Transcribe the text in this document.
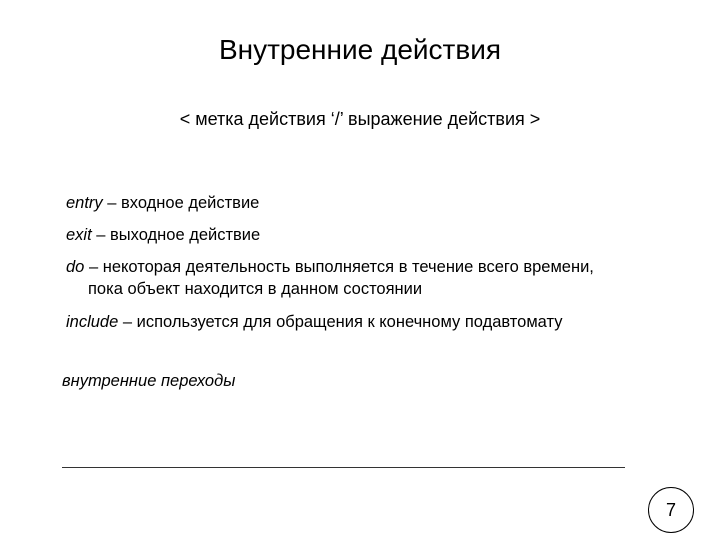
Внутренние действия
< метка действия ‘/’ выражение действия >
entry – входное действие
exit – выходное действие
do – некоторая деятельность выполняется в течение всего времени,
пока объект находится в данном состоянии
include – используется для обращения к конечному подавтомату
внутренние переходы
7
